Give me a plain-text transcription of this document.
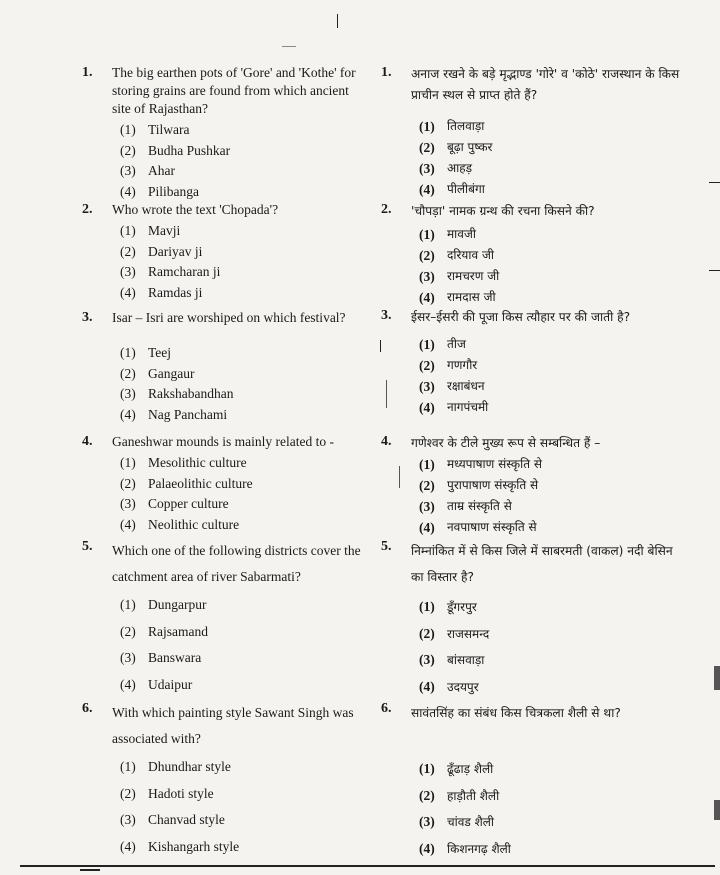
1.	The big earthen pots of 'Gore' and 'Kothe' for storing grains are found from which ancient site of Rajasthan?
(1) Tilwara
(2) Budha Pushkar
(3) Ahar
(4) Pilibanga
2.	Who wrote the text 'Chopada'?
(1) Mavji
(2) Dariyav ji
(3) Ramcharan ji
(4) Ramdas ji
3.	Isar – Isri are worshiped on which festival?
(1) Teej
(2) Gangaur
(3) Rakshabandhan
(4) Nag Panchami
4.	Ganeshwar mounds is mainly related to -
(1) Mesolithic culture
(2) Palaeolithic culture
(3) Copper culture
(4) Neolithic culture
5.	Which one of the following districts cover the catchment area of river Sabarmati?
(1) Dungarpur
(2) Rajsamand
(3) Banswara
(4) Udaipur
6.	With which painting style Sawant Singh was associated with?
(1) Dhundhar style
(2) Hadoti style
(3) Chanvad style
(4) Kishangarh style
1.	अनाज रखने के बड़े मृद्भाण्ड 'गोरे' व 'कोठे' राजस्थान के किस प्राचीन स्थल से प्राप्त होते हैं?
(1)	तिलवाड़ा
(2)	बूढ़ा पुष्कर
(3)	आहड़
(4)	पीलीबंगा
2.	'चौपड़ा' नामक ग्रन्थ की रचना किसने की?
(1)	मावजी
(2)	दरियाव जी
(3)	रामचरण जी
(4)	रामदास जी
3.	ईसर–ईसरी की पूजा किस त्यौहार पर की जाती है?
(1)	तीज
(2)	गणगौर
(3)	रक्षाबंधन
(4)	नागपंचमी
4.	गणेश्वर के टीले मुख्य रूप से सम्बन्धित हैं –
(1)	मध्यपाषाण संस्कृति से
(2)	पुरापाषाण संस्कृति से
(3)	ताम्र संस्कृति से
(4)	नवपाषाण संस्कृति से
5.	निम्नांकित में से किस जिले में साबरमती (वाकल) नदी बेसिन का विस्तार है?
(1)	डूँगरपुर
(2)	राजसमन्द
(3)	बांसवाड़ा
(4)	उदयपुर
6.	सावंतसिंह का संबंध किस चित्रकला शैली से था?
(1)	ढूँढाड़ शैली
(2)	हाड़ौती शैली
(3)	चांवड शैली
(4)	किशनगढ़ शैली
